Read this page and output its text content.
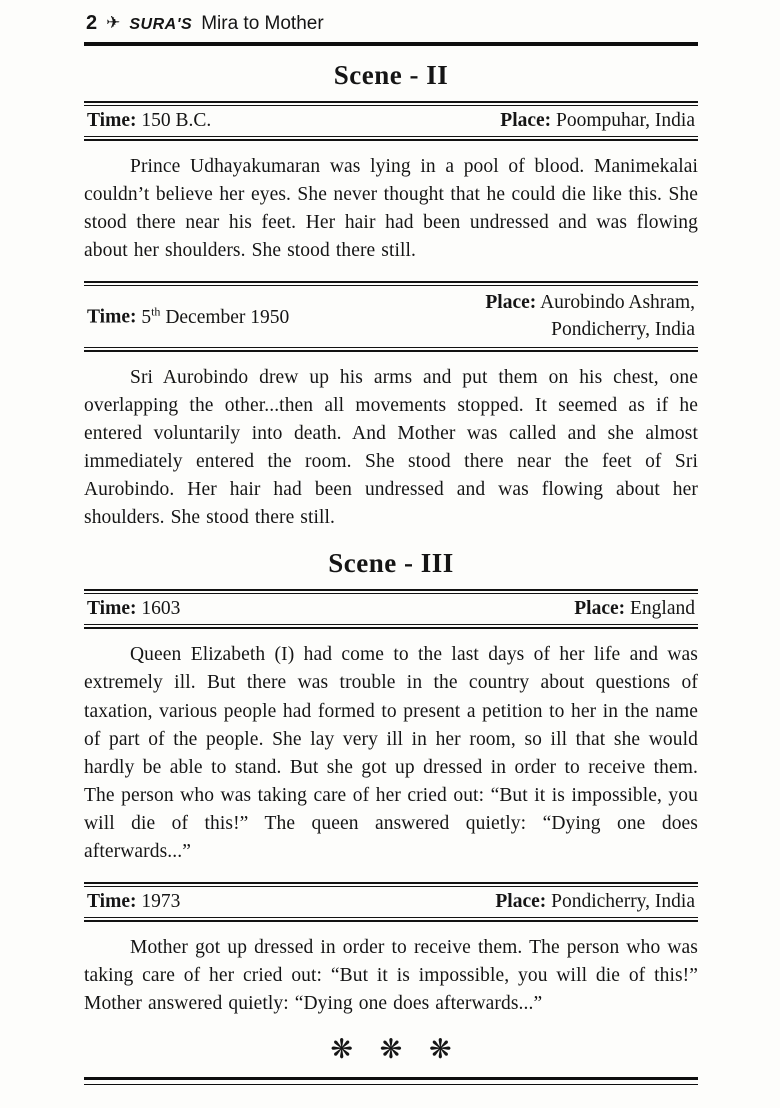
2 ✈ SURA'S Mira to Mother
Scene - II
Time: 150 B.C.	Place: Poompuhar, India

Prince Udhayakumaran was lying in a pool of blood. Manimekalai couldn’t believe her eyes. She never thought that he could die like this. She stood there near his feet. Her hair had been undressed and was flowing about her shoulders. She stood there still.

Time: 5th December 1950
Place: Aurobindo Ashram,
Pondicherry, India

Sri Aurobindo drew up his arms and put them on his chest, one overlapping the other...then all movements stopped. It seemed as if he entered voluntarily into death. And Mother was called and she almost immediately entered the room. She stood there near the feet of Sri Aurobindo. Her hair had been undressed and was flowing about her shoulders. She stood there still.

Scene - III
Time: 1603	Place: England

Queen Elizabeth (I) had come to the last days of her life and was extremely ill. But there was trouble in the country about questions of taxation, various people had formed to present a petition to her in the name of part of the people. She lay very ill in her room, so ill that she would hardly be able to stand. But she got up dressed in order to receive them. The person who was taking care of her cried out: “But it is impossible, you will die of this!” The queen answered quietly: “Dying one does afterwards...”

Time: 1973	Place: Pondicherry, India

Mother got up dressed in order to receive them. The person who was taking care of her cried out: “But it is impossible, you will die of this!” Mother answered quietly: “Dying one does afterwards...”

❋ ❋ ❋
